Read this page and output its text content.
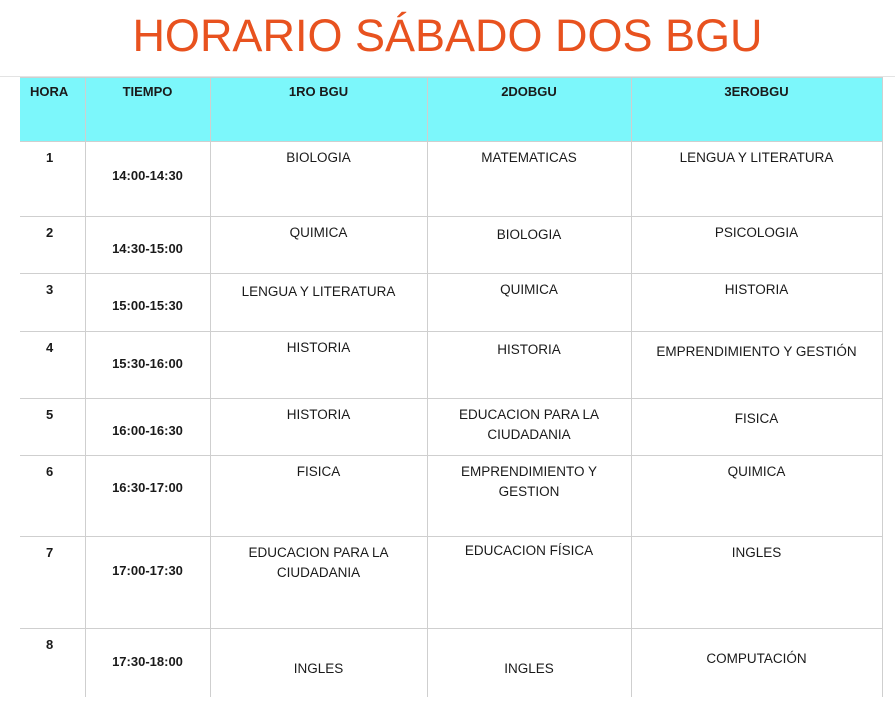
HORARIO SÁBADO DOS BGU
HORA	TIEMPO	1RO BGU	2DOBGU	3EROBGU
1	14:00-14:30	BIOLOGIA	MATEMATICAS	LENGUA Y LITERATURA

2	14:30-15:00	QUIMICA	BIOLOGIA	PSICOLOGIA

3	15:00-15:30	LENGUA Y LITERATURA	QUIMICA	HISTORIA

4	15:30-16:00	HISTORIA	HISTORIA	EMPRENDIMIENTO Y GESTIÓN

5	16:00-16:30	HISTORIA	EDUCACION PARA LA CIUDADANIA	FISICA

6	16:30-17:00	FISICA	EMPRENDIMIENTO Y GESTION	QUIMICA

7	17:00-17:30	EDUCACION PARA LA CIUDADANIA	EDUCACION FÍSICA	INGLES

8	17:30-18:00	INGLES	INGLES	COMPUTACIÓN
